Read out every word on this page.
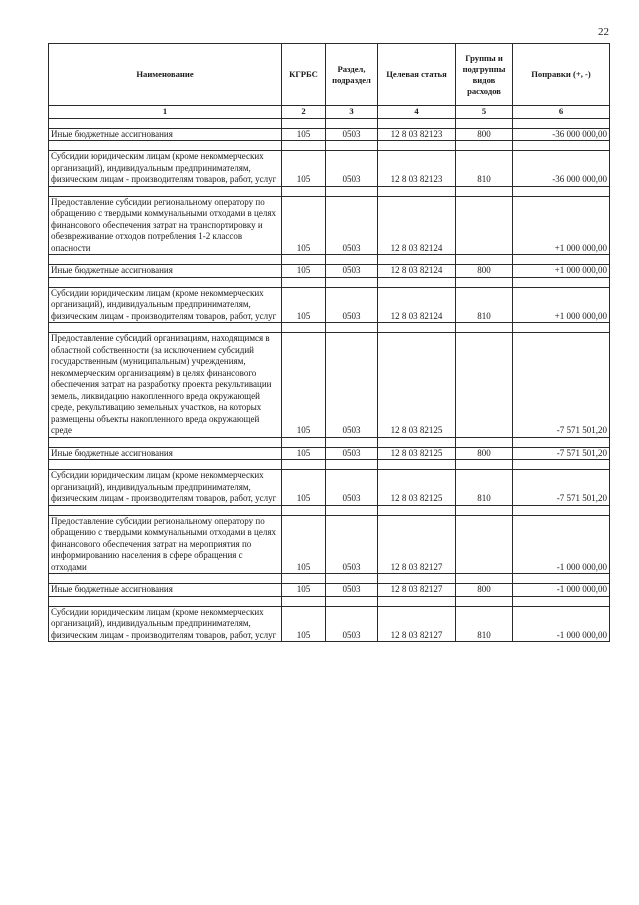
22
Наименование	КГРБС	Раздел, подраздел	Целевая статья	Группы и подгруппы видов расходов	Поправки (+, -)
1	2	3	4	5	6

Иные бюджетные ассигнования	105	0503	12 8 03 82123	800	-36 000 000,00

Субсидии юридическим лицам (кроме некоммерческих организаций), индивидуальным предпринимателям, физическим лицам - производителям товаров, работ, услуг	105	0503	12 8 03 82123	810	-36 000 000,00

Предоставление субсидии региональному оператору по обращению с твердыми коммунальными отходами в целях финансового обеспечения затрат на транспортировку и обезвреживание отходов потребления 1-2 классов опасности	105	0503	12 8 03 82124		+1 000 000,00

Иные бюджетные ассигнования	105	0503	12 8 03 82124	800	+1 000 000,00

Субсидии юридическим лицам (кроме некоммерческих организаций), индивидуальным предпринимателям, физическим лицам - производителям товаров, работ, услуг	105	0503	12 8 03 82124	810	+1 000 000,00

Предоставление субсидий организациям, находящимся в областной собственности (за исключением субсидий государственным (муниципальным) учреждениям, некоммерческим организациям) в целях финансового обеспечения затрат на разработку проекта рекультивации земель, ликвидацию накопленного вреда окружающей среде, рекультивацию земельных участков, на которых размещены объекты накопленного вреда окружающей среде	105	0503	12 8 03 82125		-7 571 501,20

Иные бюджетные ассигнования	105	0503	12 8 03 82125	800	-7 571 501,20

Субсидии юридическим лицам (кроме некоммерческих организаций), индивидуальным предпринимателям, физическим лицам - производителям товаров, работ, услуг	105	0503	12 8 03 82125	810	-7 571 501,20

Предоставление субсидии региональному оператору по обращению с твердыми коммунальными отходами в целях финансового обеспечения затрат на мероприятия по информированию населения в сфере обращения с отходами	105	0503	12 8 03 82127		-1 000 000,00

Иные бюджетные ассигнования	105	0503	12 8 03 82127	800	-1 000 000,00

Субсидии юридическим лицам (кроме некоммерческих организаций), индивидуальным предпринимателям, физическим лицам - производителям товаров, работ, услуг	105	0503	12 8 03 82127	810	-1 000 000,00
